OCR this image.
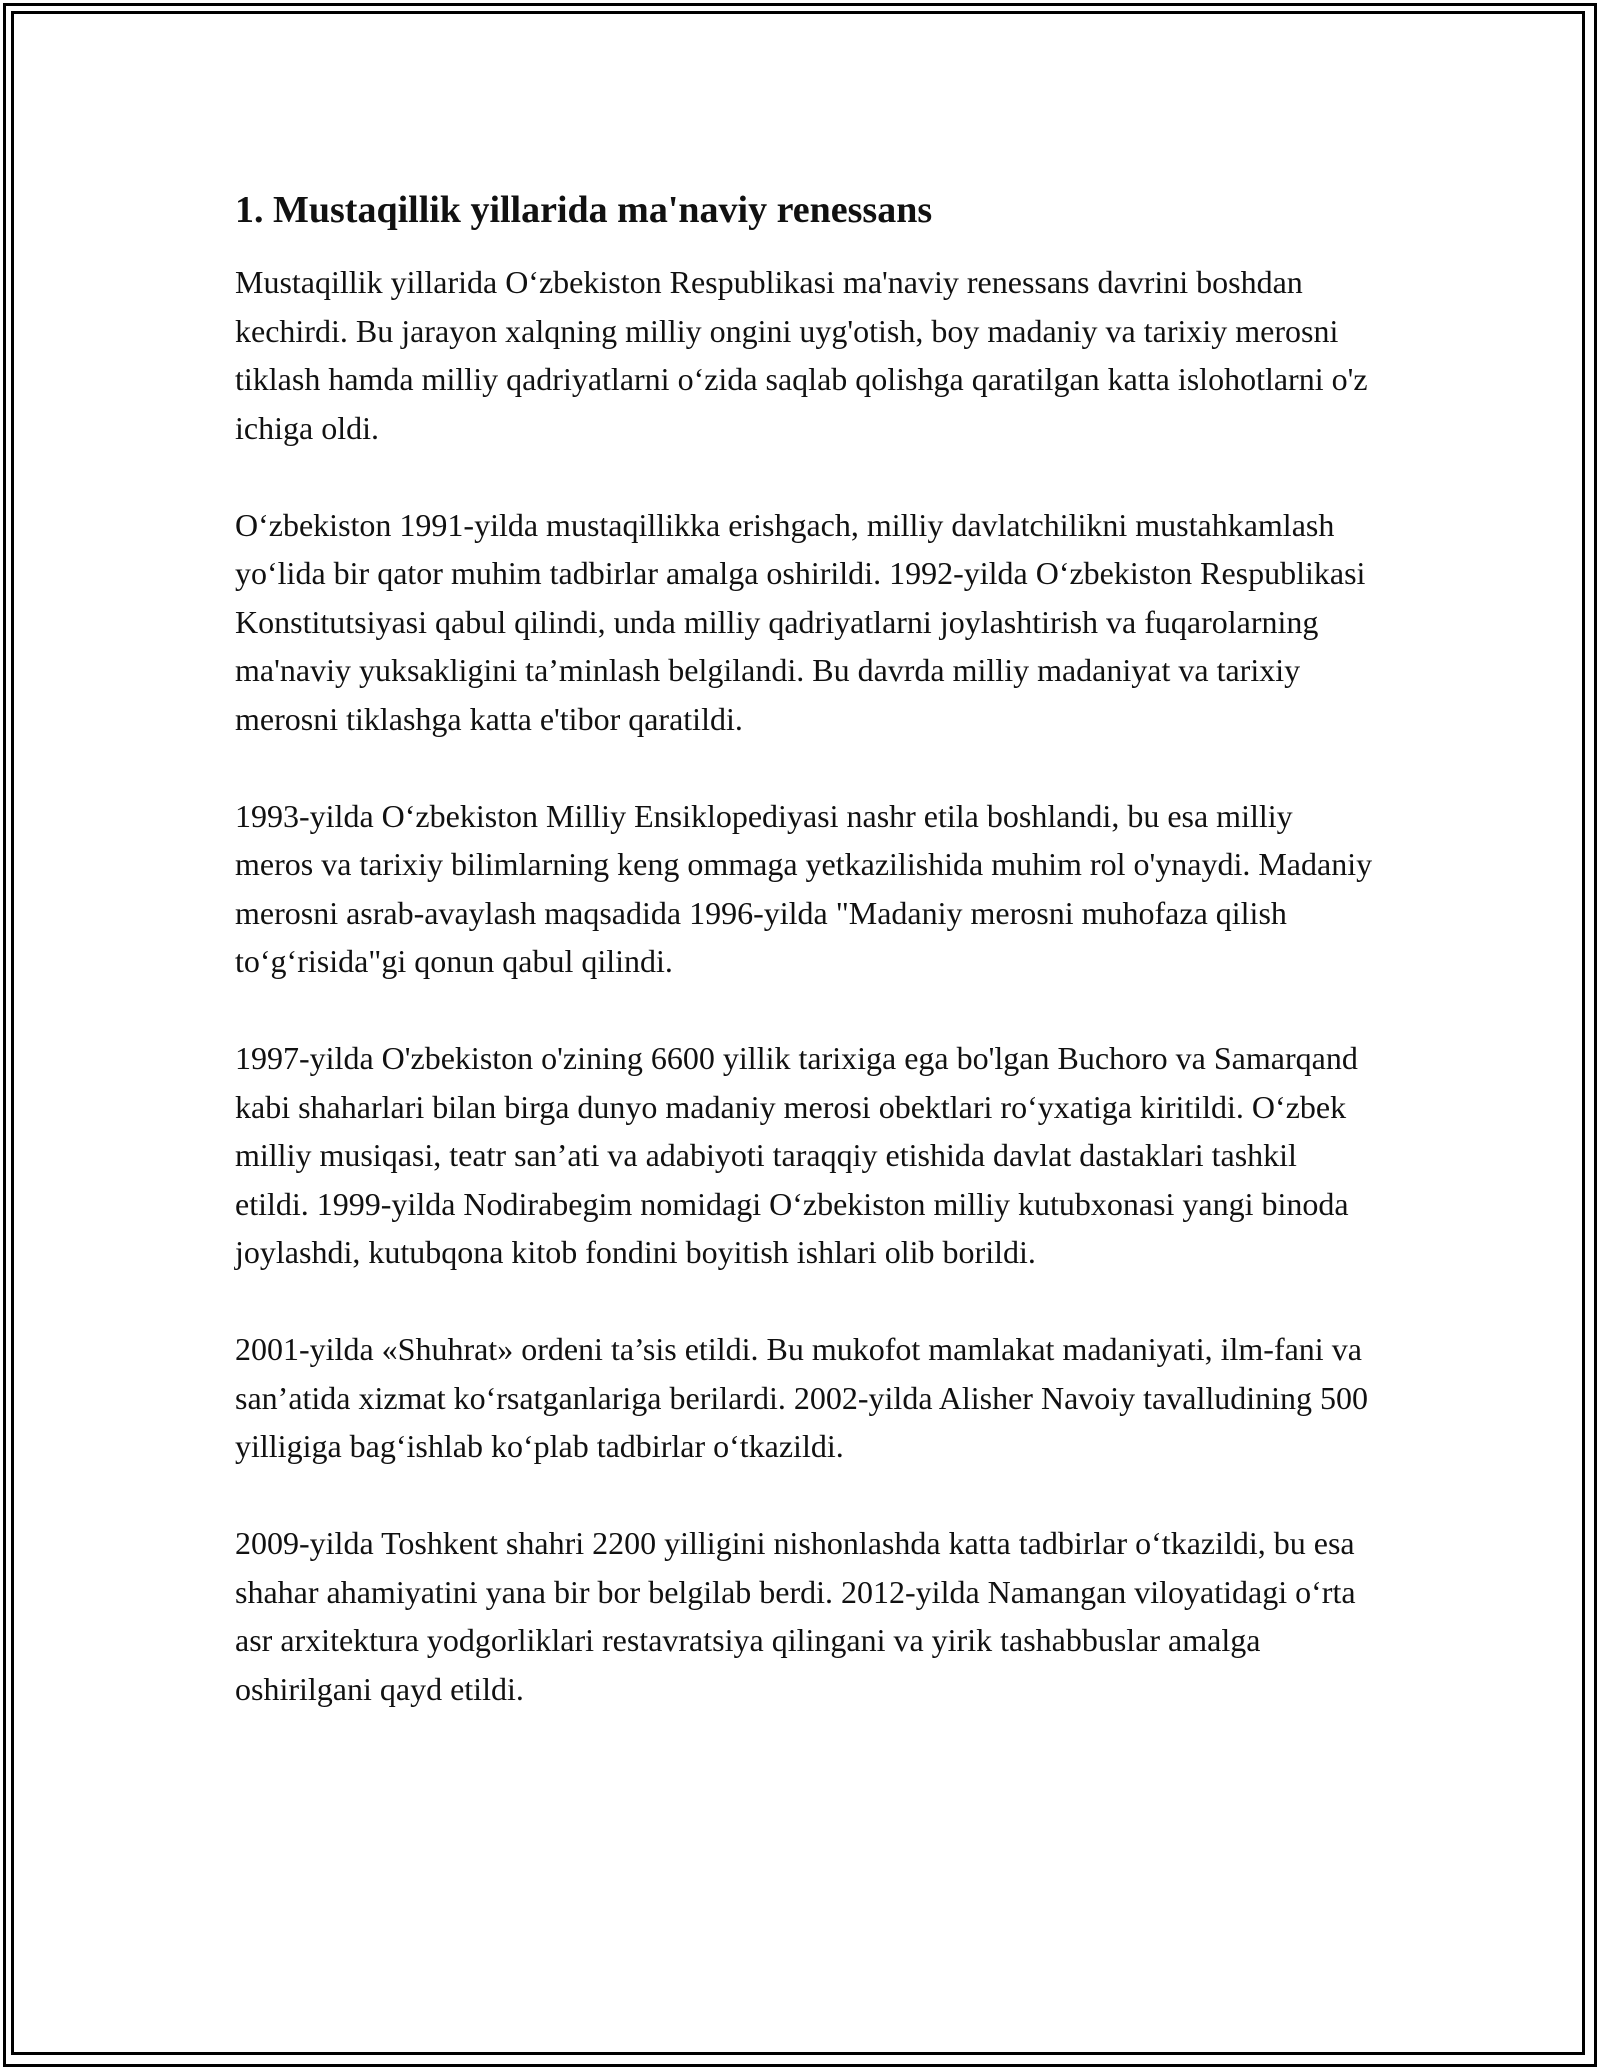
1. Mustaqillik yillarida ma'naviy renessans

Mustaqillik yillarida O‘zbekiston Respublikasi ma'naviy renessans davrini boshdan kechirdi. Bu jarayon xalqning milliy ongini uyg'otish, boy madaniy va tarixiy merosni tiklash hamda milliy qadriyatlarni o‘zida saqlab qolishga qaratilgan katta islohotlarni o'z ichiga oldi.

O‘zbekiston 1991-yilda mustaqillikka erishgach, milliy davlatchilikni mustahkamlash yo‘lida bir qator muhim tadbirlar amalga oshirildi. 1992-yilda O‘zbekiston Respublikasi Konstitutsiyasi qabul qilindi, unda milliy qadriyatlarni joylashtirish va fuqarolarning ma'naviy yuksakligini ta’minlash belgilandi. Bu davrda milliy madaniyat va tarixiy merosni tiklashga katta e'tibor qaratildi.

1993-yilda O‘zbekiston Milliy Ensiklopediyasi nashr etila boshlandi, bu esa milliy meros va tarixiy bilimlarning keng ommaga yetkazilishida muhim rol o'ynaydi. Madaniy merosni asrab-avaylash maqsadida 1996-yilda "Madaniy merosni muhofaza qilish to‘g‘risida"gi qonun qabul qilindi.

1997-yilda O'zbekiston o'zining 6600 yillik tarixiga ega bo'lgan Buchoro va Samarqand kabi shaharlari bilan birga dunyo madaniy merosi obektlari ro‘yxatiga kiritildi. O‘zbek milliy musiqasi, teatr san’ati va adabiyoti taraqqiy etishida davlat dastaklari tashkil etildi. 1999-yilda Nodirabegim nomidagi O‘zbekiston milliy kutubxonasi yangi binoda joylashdi, kutubqona kitob fondini boyitish ishlari olib borildi.

2001-yilda «Shuhrat» ordeni ta’sis etildi. Bu mukofot mamlakat madaniyati, ilm-fani va san’atida xizmat ko‘rsatganlariga berilardi. 2002-yilda Alisher Navoiy tavalludining 500 yilligiga bag‘ishlab ko‘plab tadbirlar o‘tkazildi.

2009-yilda Toshkent shahri 2200 yilligini nishonlashda katta tadbirlar o‘tkazildi, bu esa shahar ahamiyatini yana bir bor belgilab berdi. 2012-yilda Namangan viloyatidagi o‘rta asr arxitektura yodgorliklari restavratsiya qilingani va yirik tashabbuslar amalga oshirilgani qayd etildi.
